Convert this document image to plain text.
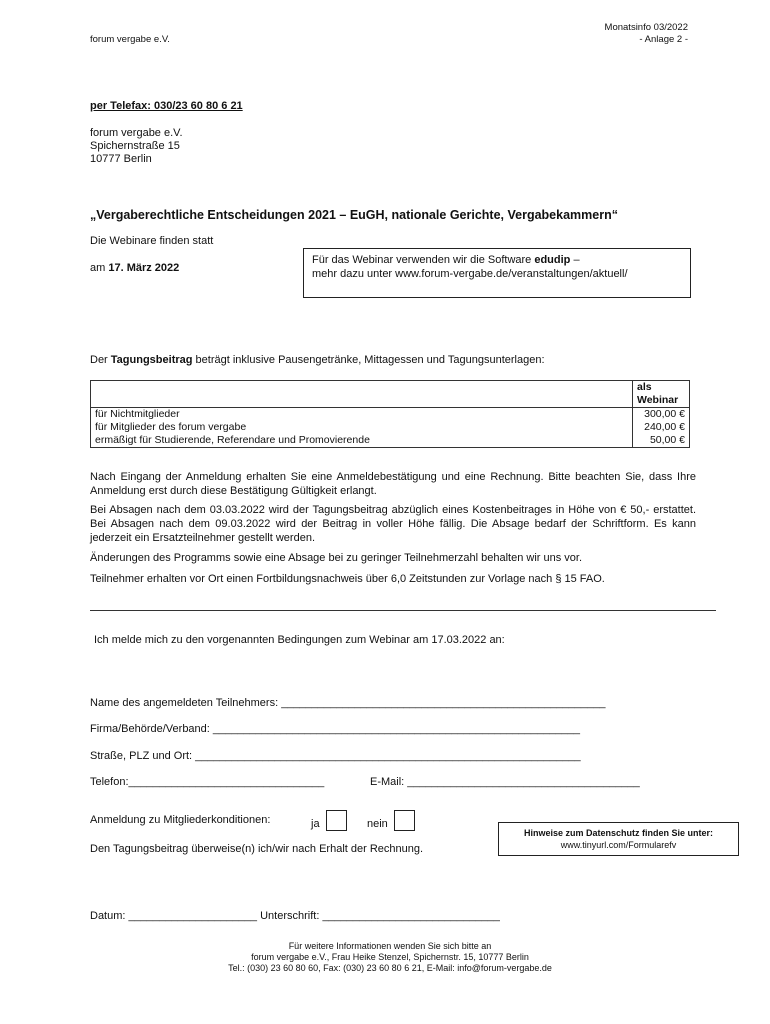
forum vergabe e.V.
Monatsinfo 03/2022
- Anlage 2 -
per Telefax: 030/23 60 80 6 21
forum vergabe e.V.
Spichernstraße 15
10777 Berlin
„Vergaberechtliche Entscheidungen 2021 – EuGH, nationale Gerichte, Vergabekammern“
Die Webinare finden statt
am 17. März 2022
Für das Webinar verwenden wir die Software edudip –
mehr dazu unter www.forum-vergabe.de/veranstaltungen/aktuell/
Der Tagungsbeitrag beträgt inklusive Pausengetränke, Mittagessen und Tagungsunterlagen:
	als Webinar
für Nichtmitglieder	300,00 €
für Mitglieder des forum vergabe	240,00 €
ermäßigt für Studierende, Referendare und Promovierende	50,00 €
Nach Eingang der Anmeldung erhalten Sie eine Anmeldebestätigung und eine Rechnung. Bitte beachten Sie, dass Ihre Anmeldung erst durch diese Bestätigung Gültigkeit erlangt.
Bei Absagen nach dem 03.03.2022 wird der Tagungsbeitrag abzüglich eines Kostenbeitrages in Höhe von € 50,- erstattet. Bei Absagen nach dem 09.03.2022 wird der Beitrag in voller Höhe fällig. Die Absage bedarf der Schriftform. Es kann jederzeit ein Ersatzteilnehmer gestellt werden.
Änderungen des Programms sowie eine Absage bei zu geringer Teilnehmerzahl behalten wir uns vor.
Teilnehmer erhalten vor Ort einen Fortbildungsnachweis über 6,0 Zeitstunden zur Vorlage nach § 15 FAO.
Ich melde mich zu den vorgenannten Bedingungen zum Webinar am 17.03.2022 an:
Name des angemeldeten Teilnehmers: _____________________________________________________
Firma/Behörde/Verband: ____________________________________________________________
Straße, PLZ und Ort: _______________________________________________________________
Telefon:________________________________	E-Mail: ______________________________________
Anmeldung zu Mitgliederkonditionen:	ja	nein
Den Tagungsbeitrag überweise(n) ich/wir nach Erhalt der Rechnung.
Hinweise zum Datenschutz finden Sie unter:
www.tinyurl.com/Formularefv
Datum: _____________________ Unterschrift: _____________________________
Für weitere Informationen wenden Sie sich bitte an
forum vergabe e.V., Frau Heike Stenzel, Spichernstr. 15, 10777 Berlin
Tel.: (030) 23 60 80 60, Fax: (030) 23 60 80 6 21, E-Mail: info@forum-vergabe.de
